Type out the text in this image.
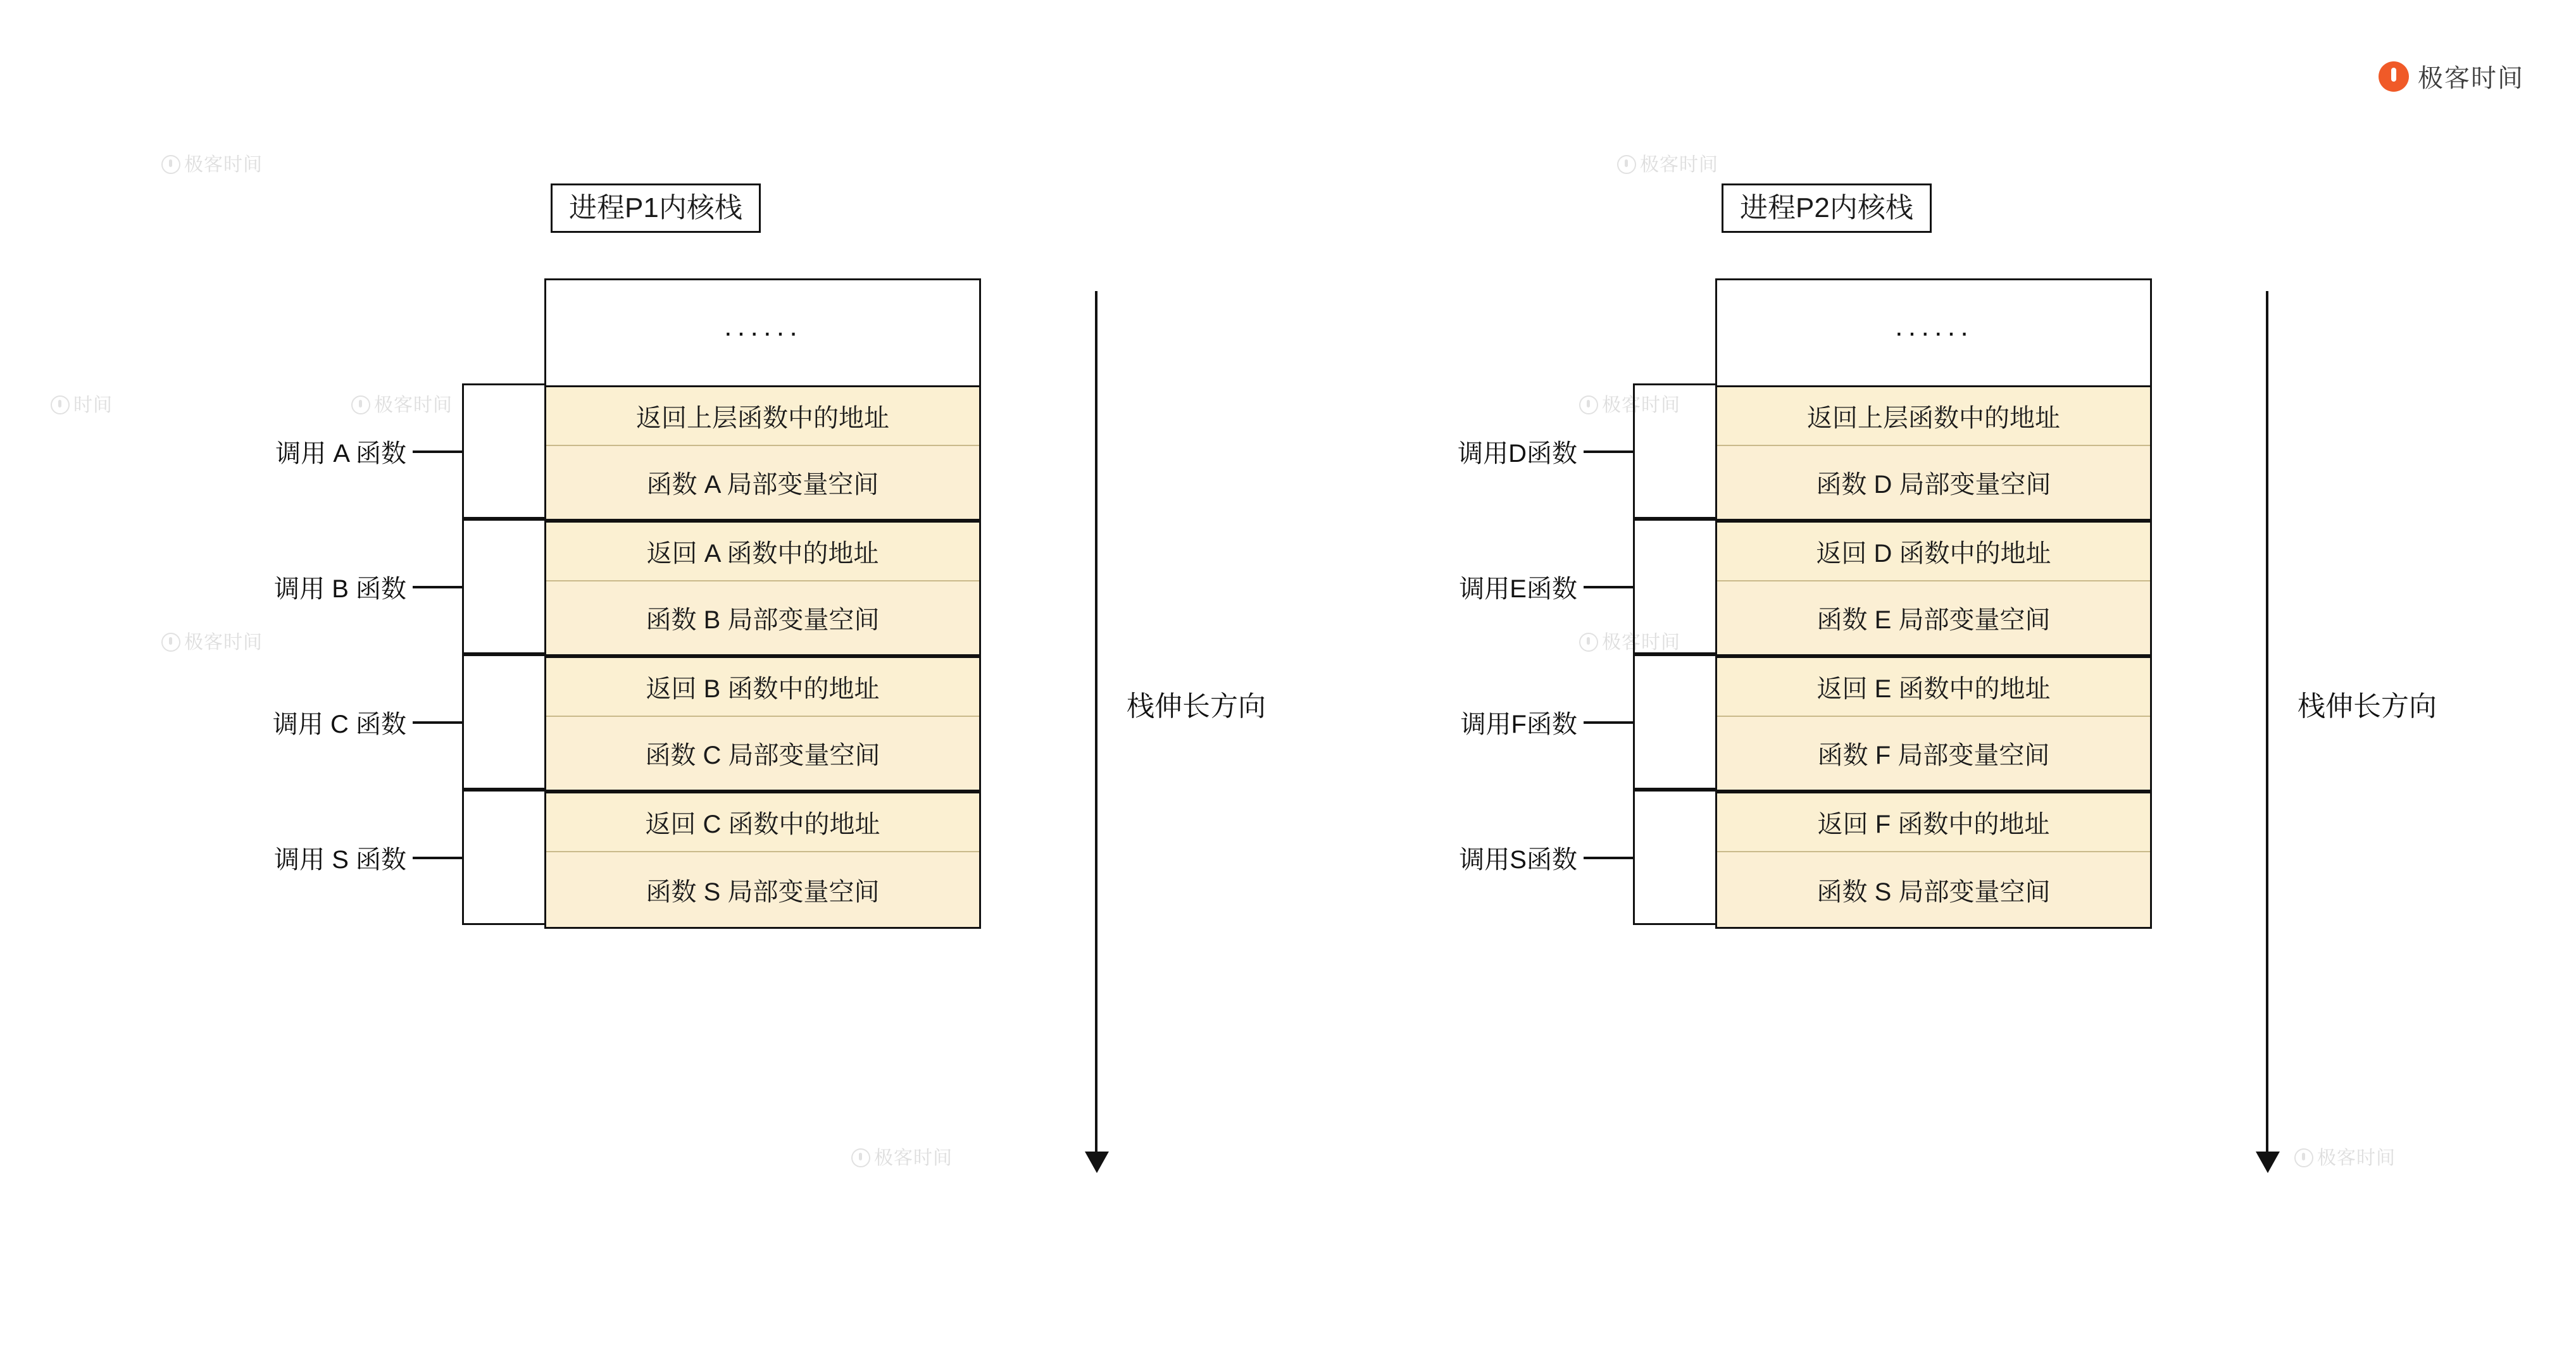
极客时间	极客时间
时间	极客时间	极客时间
极客时间	极客时间
极客时间	极客时间
极客时间
进程P1内核栈
······
返回上层函数中的地址
函数 A 局部变量空间
返回 A 函数中的地址
函数 B 局部变量空间
返回 B 函数中的地址
函数 C 局部变量空间
返回 C 函数中的地址
函数 S 局部变量空间
调用 A 函数
调用 B 函数
调用 C 函数
调用 S 函数
栈伸长方向
进程P2内核栈
······
返回上层函数中的地址
函数 D 局部变量空间
返回 D 函数中的地址
函数 E 局部变量空间
返回 E 函数中的地址
函数 F 局部变量空间
返回 F 函数中的地址
函数 S 局部变量空间
调用D函数
调用E函数
调用F函数
调用S函数
栈伸长方向
